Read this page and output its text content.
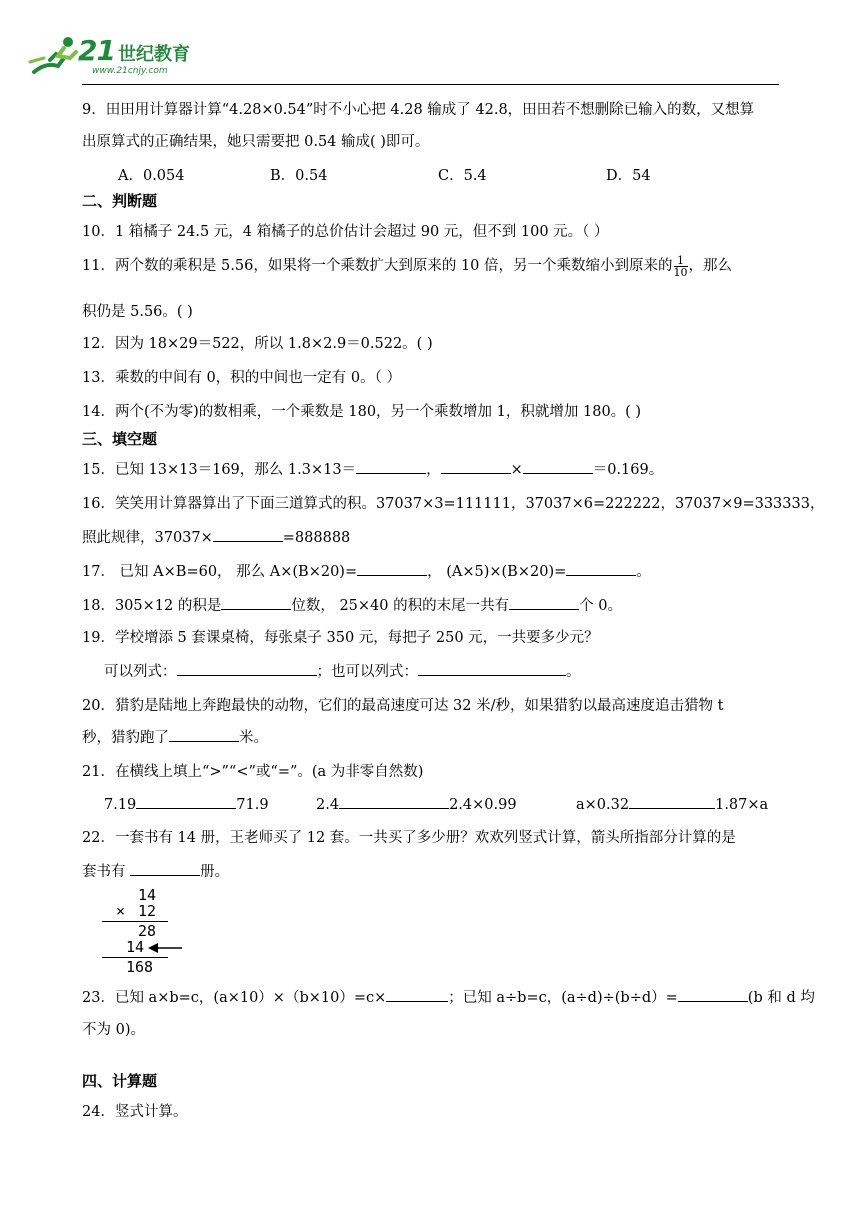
21 世纪教育
www.21cnjy.com
9．田田用计算器计算“4.28×0.54”时不小心把 4.28 输成了 42.8，田田若不想删除已输入的数，又想算
出原算式的正确结果，她只需要把 0.54 输成( )即可。
A．0.054	B．0.54	C．5.4	D．54
二、判断题
10．1 箱橘子 24.5 元，4 箱橘子的总价估计会超过 90 元，但不到 100 元。（ ）
11．两个数的乘积是 5.56，如果将一个乘数扩大到原来的 10 倍，另一个乘数缩小到原来的 $\frac{1}{10}$ ，那么
积仍是 5.56。( )
12．因为 18×29＝522，所以 1.8×2.9＝0.522。( )
13．乘数的中间有 0，积的中间也一定有 0。（ ）
14．两个(不为零)的数相乘，一个乘数是 180，另一个乘数增加 1，积就增加 180。( )
三、填空题
15．已知 13×13＝169，那么 1.3×13＝	，	×	＝0.169。
16．笑笑用计算器算出了下面三道算式的积。37037×3=111111，37037×6=222222，37037×9=333333，
照此规律，37037×	=888888
17． 已知 A×B=60， 那么 A×(B×20)=	， (A×5)×(B×20)=	。
18．305×12 的积是	位数， 25×40 的积的末尾一共有	个 0。
19．学校增添 5 套课桌椅，每张桌子 350 元，每把子 250 元，一共要多少元？
可以列式：	；也可以列式：	。
20．猎豹是陆地上奔跑最快的动物，它们的最高速度可达 32 米/秒，如果猎豹以最高速度追击猎物 t
秒，猎豹跑了	米。
21．在横线上填上“>”“<”或“=”。(a 为非零自然数)
7.19	71.9	2.4	2.4×0.99	a×0.32	1.87×a
22．一套书有 14 册，王老师买了 12 套。一共买了多少册？欢欢列竖式计算，箭头所指部分计算的是
套书有	册。
14
× 12
28
14
168
23．已知 a×b=c，(a×10）×（b×10）=c×	；已知 a÷b=c，(a÷d)÷(b÷d）=	(b 和 d 均
不为 0)。
四、计算题
24．竖式计算。
